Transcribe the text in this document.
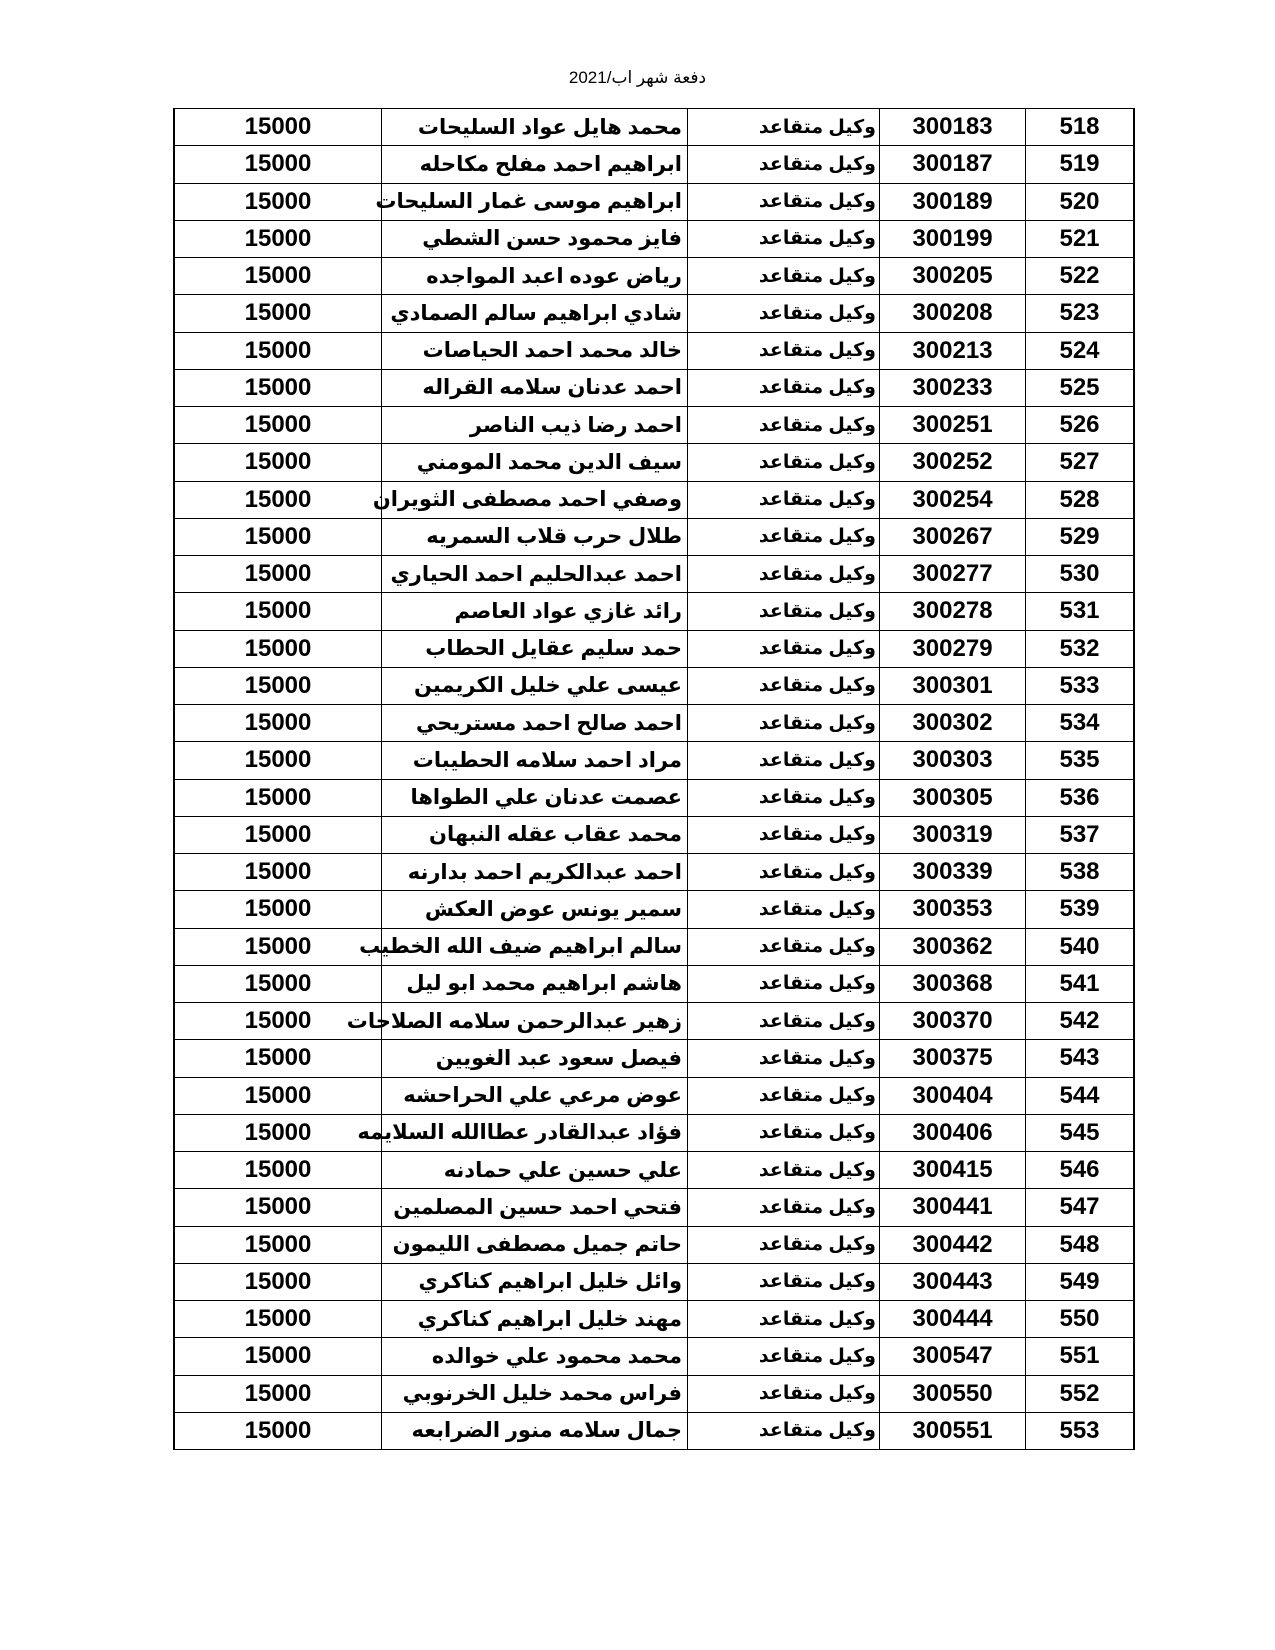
دفعة شهر اب/2021
15000	محمد هايل عواد السليحات	وكيل متقاعد	300183	518
15000	ابراهيم احمد مفلح مكاحله	وكيل متقاعد	300187	519
15000	ابراهيم موسى غمار السليحات	وكيل متقاعد	300189	520
15000	فايز محمود حسن الشطي	وكيل متقاعد	300199	521
15000	رياض عوده اعبد المواجده	وكيل متقاعد	300205	522
15000	شادي ابراهيم سالم الصمادي	وكيل متقاعد	300208	523
15000	خالد محمد احمد الحياصات	وكيل متقاعد	300213	524
15000	احمد عدنان سلامه القراله	وكيل متقاعد	300233	525
15000	احمد رضا ذيب الناصر	وكيل متقاعد	300251	526
15000	سيف الدين محمد المومني	وكيل متقاعد	300252	527
15000	وصفي احمد مصطفى الثويران	وكيل متقاعد	300254	528
15000	طلال حرب قلاب السمريه	وكيل متقاعد	300267	529
15000	احمد عبدالحليم احمد الحياري	وكيل متقاعد	300277	530
15000	رائد غازي عواد العاصم	وكيل متقاعد	300278	531
15000	حمد سليم عقايل الحطاب	وكيل متقاعد	300279	532
15000	عيسى علي خليل الكريمين	وكيل متقاعد	300301	533
15000	احمد صالح احمد مستريحي	وكيل متقاعد	300302	534
15000	مراد احمد سلامه الحطيبات	وكيل متقاعد	300303	535
15000	عصمت عدنان علي الطواها	وكيل متقاعد	300305	536
15000	محمد عقاب عقله النبهان	وكيل متقاعد	300319	537
15000	احمد عبدالكريم احمد بدارنه	وكيل متقاعد	300339	538
15000	سمير يونس عوض العكش	وكيل متقاعد	300353	539
15000	سالم ابراهيم ضيف الله الخطيب	وكيل متقاعد	300362	540
15000	هاشم ابراهيم محمد ابو ليل	وكيل متقاعد	300368	541
15000	زهير عبدالرحمن سلامه الصلاحات	وكيل متقاعد	300370	542
15000	فيصل سعود عبد الغويين	وكيل متقاعد	300375	543
15000	عوض مرعي علي الحراحشه	وكيل متقاعد	300404	544
15000	فؤاد عبدالقادر عطاالله السلايمه	وكيل متقاعد	300406	545
15000	علي حسين علي حمادنه	وكيل متقاعد	300415	546
15000	فتحي احمد حسين المصلمين	وكيل متقاعد	300441	547
15000	حاتم جميل مصطفى الليمون	وكيل متقاعد	300442	548
15000	وائل خليل ابراهيم كناكري	وكيل متقاعد	300443	549
15000	مهند خليل ابراهيم كناكري	وكيل متقاعد	300444	550
15000	محمد محمود علي خوالده	وكيل متقاعد	300547	551
15000	فراس محمد خليل الخرنوبي	وكيل متقاعد	300550	552
15000	جمال سلامه منور الضرابعه	وكيل متقاعد	300551	553
